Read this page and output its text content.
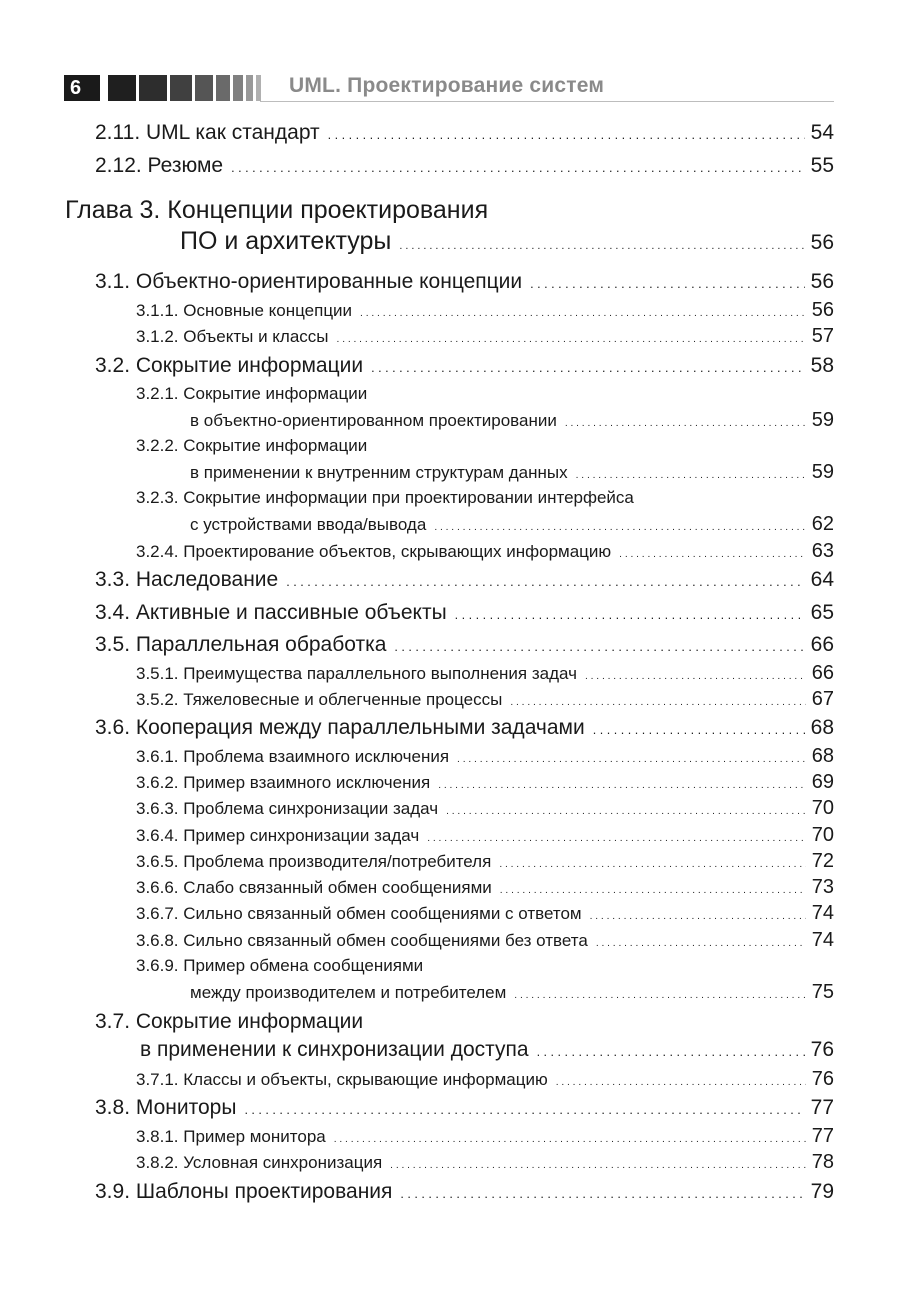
6	UML. Проектирование систем
2.11. UML как стандарт . . .	54
2.12. Резюме . . .	55
Глава 3. Концепции проектирования
ПО и архитектуры . . .	56
3.1. Объектно-ориентированные концепции . . .	56
3.1.1. Основные концепции . . .	56
3.1.2. Объекты и классы . . .	57
3.2. Сокрытие информации . . .	58
3.2.1. Сокрытие информации
в объектно-ориентированном проектировании . . .	59
3.2.2. Сокрытие информации
в применении к внутренним структурам данных . . .	59
3.2.3. Сокрытие информации при проектировании интерфейса
с устройствами ввода/вывода . . .	62
3.2.4. Проектирование объектов, скрывающих информацию . . .	63
3.3. Наследование . . .	64
3.4. Активные и пассивные объекты . . .	65
3.5. Параллельная обработка . . .	66
3.5.1. Преимущества параллельного выполнения задач . . .	66
3.5.2. Тяжеловесные и облегченные процессы . . .	67
3.6. Кооперация между параллельными задачами . . .	68
3.6.1. Проблема взаимного исключения . . .	68
3.6.2. Пример взаимного исключения . . .	69
3.6.3. Проблема синхронизации задач . . .	70
3.6.4. Пример синхронизации задач . . .	70
3.6.5. Проблема производителя/потребителя . . .	72
3.6.6. Слабо связанный обмен сообщениями . . .	73
3.6.7. Сильно связанный обмен сообщениями с ответом . . .	74
3.6.8. Сильно связанный обмен сообщениями без ответа . . .	74
3.6.9. Пример обмена сообщениями
между производителем и потребителем . . .	75
3.7. Сокрытие информации
в применении к синхронизации доступа . . .	76
3.7.1. Классы и объекты, скрывающие информацию . . .	76
3.8. Мониторы . . .	77
3.8.1. Пример монитора . . .	77
3.8.2. Условная синхронизация . . .	78
3.9. Шаблоны проектирования . . .	79
